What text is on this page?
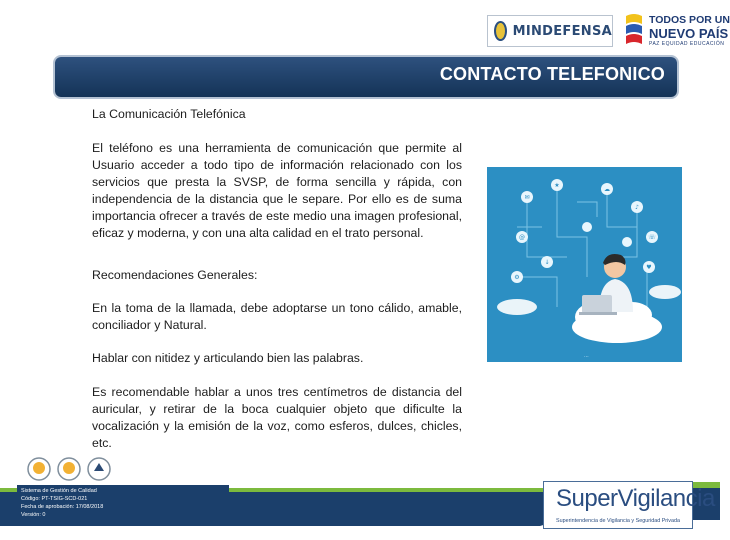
MINDEFENSA
TODOS POR UN
NUEVO PAÍS
PAZ EQUIDAD EDUCACIÓN
CONTACTO TELEFONICO
La Comunicación Telefónica
El teléfono es una herramienta de comunicación que permite al Usuario acceder a todo tipo de información relacionado con los servicios que presta la SVSP, de forma sencilla y rápida, con independencia de la distancia que le separe. Por ello es de suma importancia ofrecer a través de este medio una imagen profesional, eficaz y moderna, y con una alta calidad en el trato personal.
Recomendaciones Generales:
En la toma de la llamada, debe adoptarse un tono cálido, amable, conciliador y Natural.
Hablar con nitidez y articulando bien las palabras.
Es recomendable hablar a unos tres centímetros de distancia del auricular, y retirar de la boca cualquier objeto que dificulte la vocalización y la emisión de la voz, como esferos, dulces, chicles, etc.
✉
★
☁
♪
@	☏
⚙
↓
♥
...
Sistema de Gestión de Calidad
Código: PT-TSIG-SCD-021
Fecha de aprobación: 17/08/2018
Versión: 0
SuperVigilancia
Superintendencia de Vigilancia y Seguridad Privada
